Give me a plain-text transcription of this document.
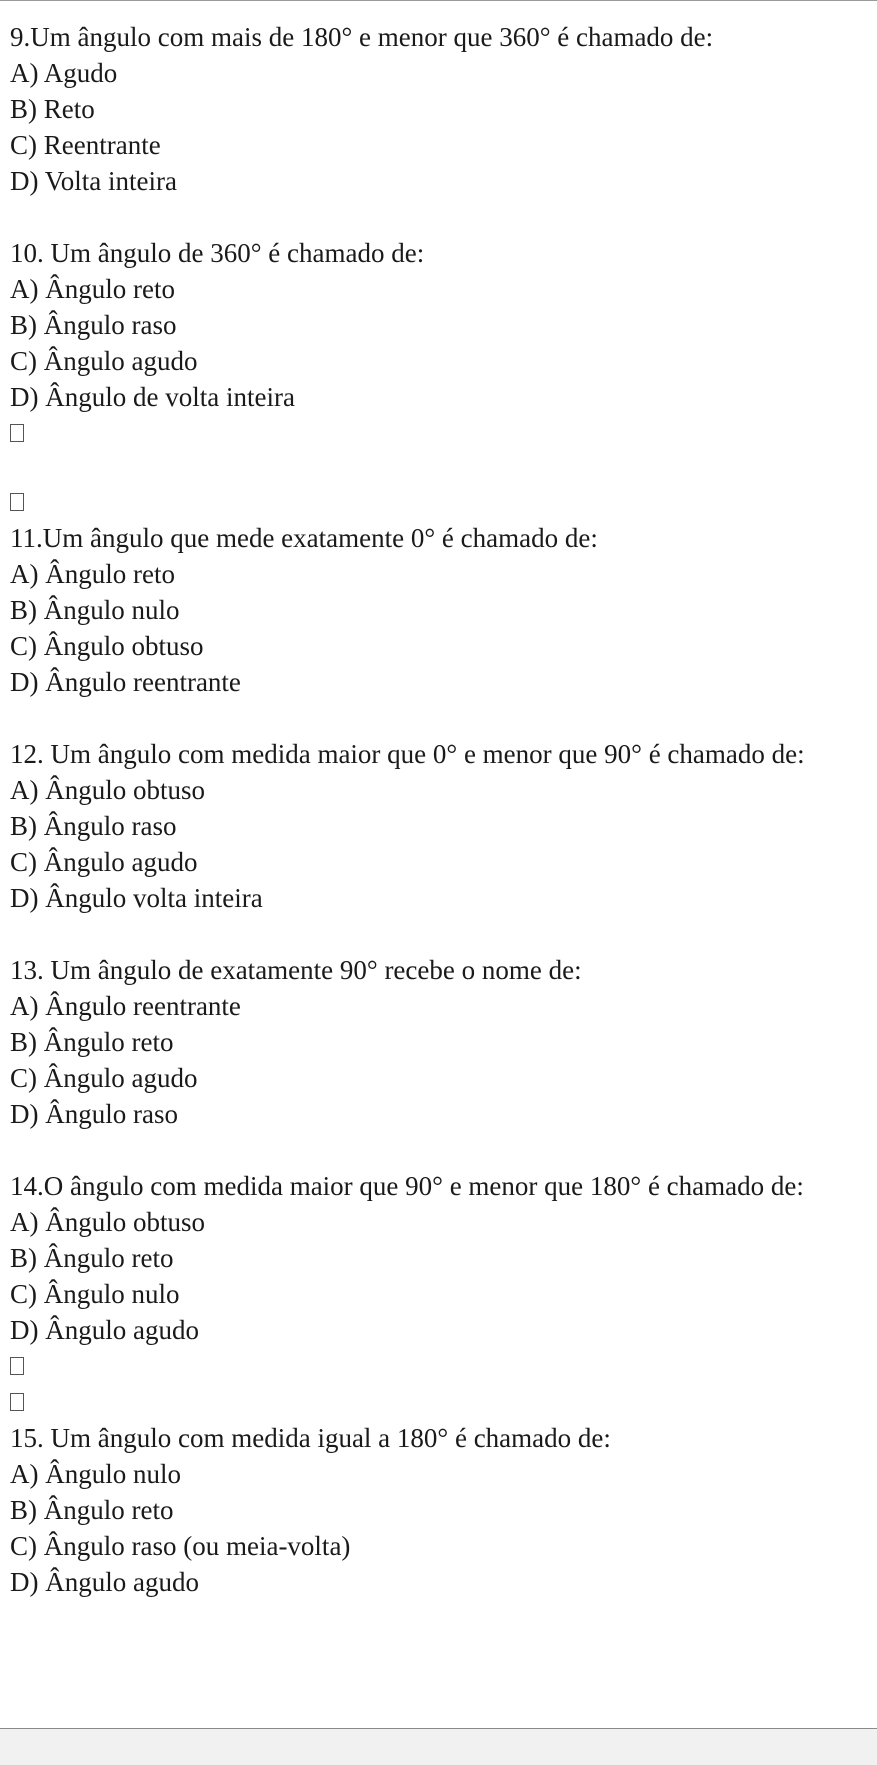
9.Um ângulo com mais de 180° e menor que 360° é chamado de:

A) Agudo

B) Reto

C) Reentrante

D) Volta inteira

10. Um ângulo de 360° é chamado de:

A) Ângulo reto

B) Ângulo raso

C) Ângulo agudo

D) Ângulo de volta inteira

11.Um ângulo que mede exatamente 0° é chamado de:

A) Ângulo reto

B) Ângulo nulo

C) Ângulo obtuso

D) Ângulo reentrante

12. Um ângulo com medida maior que 0° e menor que 90° é chamado de:

A) Ângulo obtuso

B) Ângulo raso

C) Ângulo agudo

D) Ângulo volta inteira

13. Um ângulo de exatamente 90° recebe o nome de:

A) Ângulo reentrante

B) Ângulo reto

C) Ângulo agudo

D) Ângulo raso

14.O ângulo com medida maior que 90° e menor que 180° é chamado de:

A) Ângulo obtuso

B) Ângulo reto

C) Ângulo nulo

D) Ângulo agudo

15. Um ângulo com medida igual a 180° é chamado de:

A) Ângulo nulo

B) Ângulo reto

C) Ângulo raso (ou meia-volta)

D) Ângulo agudo
